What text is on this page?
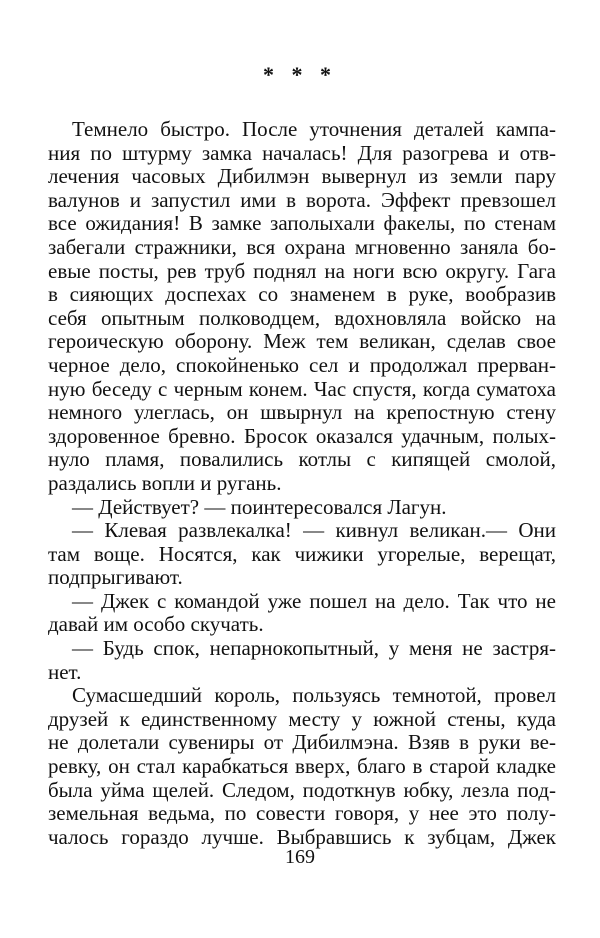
* * *
Темнело быстро. После уточнения деталей кампа-
ния по штурму замка началась! Для разогрева и отв-
лечения часовых Дибилмэн вывернул из земли пару
валунов и запустил ими в ворота. Эффект превзошел
все ожидания! В замке заполыхали факелы, по стенам
забегали стражники, вся охрана мгновенно заняла бо-
евые посты, рев труб поднял на ноги всю округу. Гага
в сияющих доспехах со знаменем в руке, вообразив
себя опытным полководцем, вдохновляла войско на
героическую оборону. Меж тем великан, сделав свое
черное дело, спокойненько сел и продолжал прерван-
ную беседу с черным конем. Час спустя, когда суматоха
немного улеглась, он швырнул на крепостную стену
здоровенное бревно. Бросок оказался удачным, полых-
нуло пламя, повалились котлы с кипящей смолой,
раздались вопли и ругань.
— Действует? — поинтересовался Лагун.
— Клевая развлекалка! — кивнул великан.— Они
там воще. Носятся, как чижики угорелые, верещат,
подпрыгивают.
— Джек с командой уже пошел на дело. Так что не
давай им особо скучать.
— Будь спок, непарнокопытный, у меня не застря-
нет.
Сумасшедший король, пользуясь темнотой, провел
друзей к единственному месту у южной стены, куда
не долетали сувениры от Дибилмэна. Взяв в руки ве-
ревку, он стал карабкаться вверх, благо в старой кладке
была уйма щелей. Следом, подоткнув юбку, лезла под-
земельная ведьма, по совести говоря, у нее это полу-
чалось гораздо лучше. Выбравшись к зубцам, Джек
169
